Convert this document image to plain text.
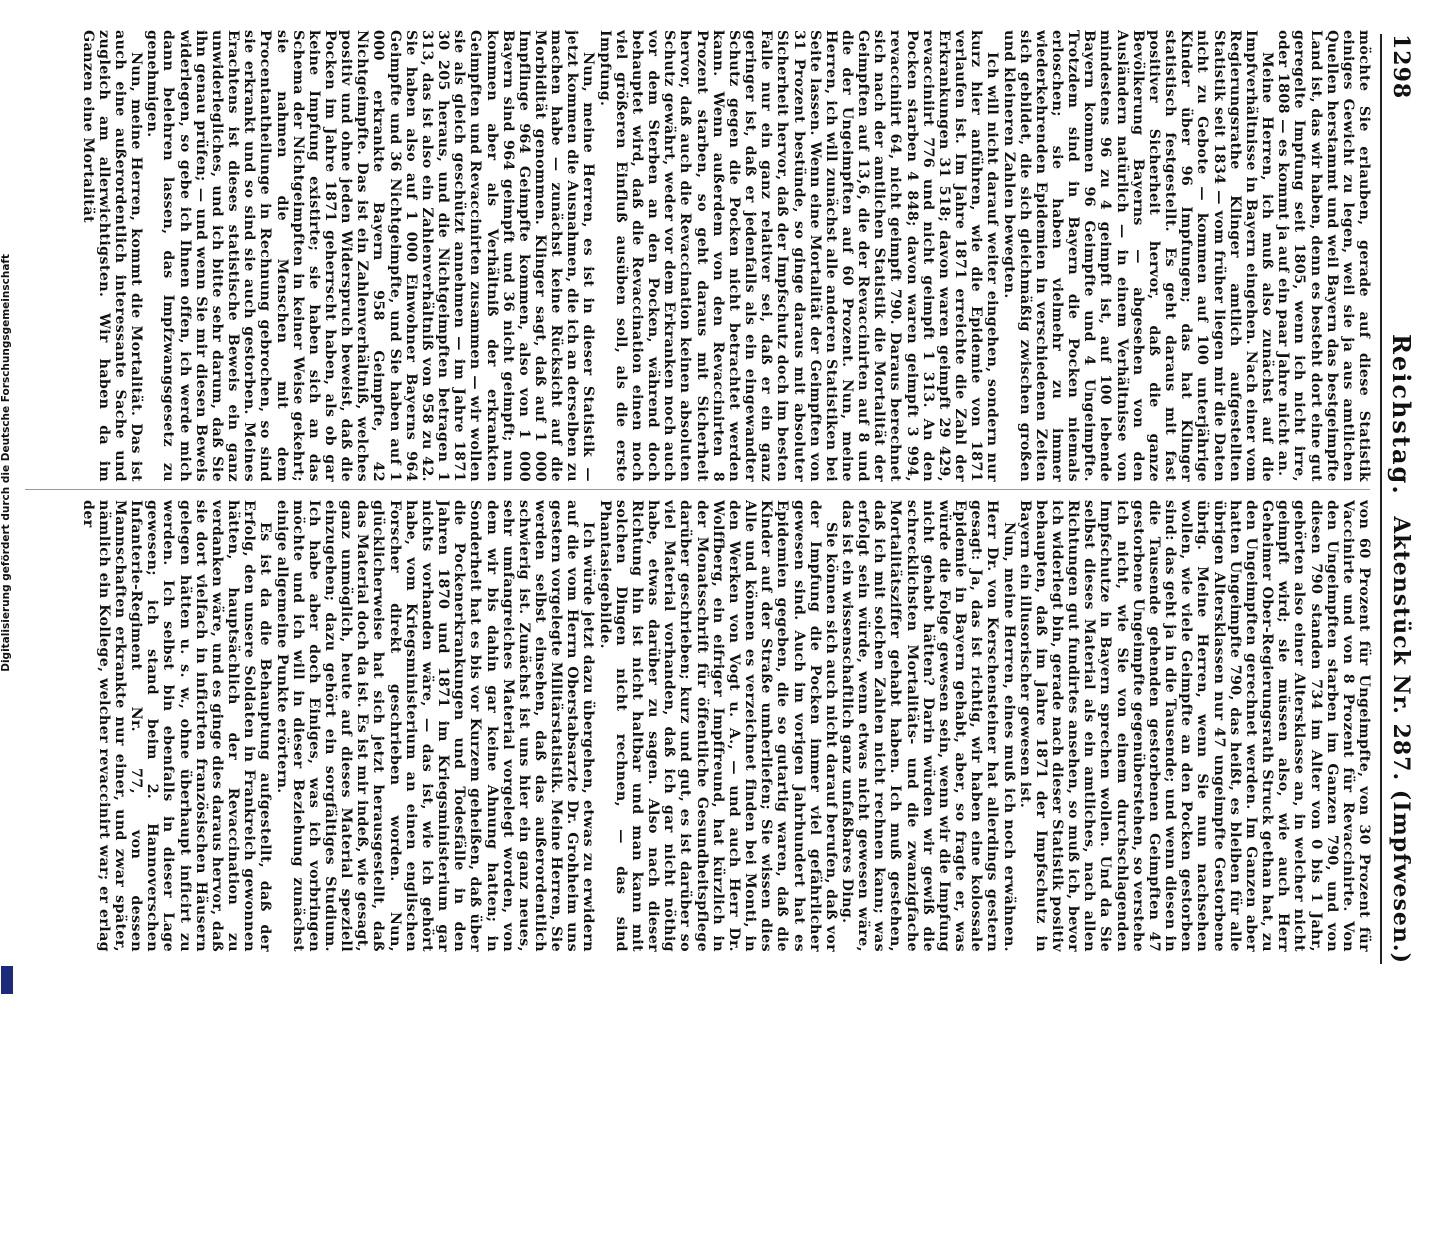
1298
Reichstag.
Aktenstück Nr. 287. (Impfwesen.)

möchte Sie erlauben, gerade auf diese Statistik einiges Gewicht zu legen, weil sie ja aus amtlichen Quellen herstammt und weil Bayern das bestgeimpfte Land ist, das wir haben, denn es besteht dort eine gut geregelte Impfung seit 1805, wenn ich nicht irre, oder 1808 — es kommt ja auf ein paar Jahre nicht an.

Meine Herren, ich muß also zunächst auf die Impfverhältnisse in Bayern eingehen. Nach einer vom Regierungsrathe Klinger amtlich aufgestellten Statistik seit 1834 — vom früher liegen mir die Daten nicht zu Gebote — kommen auf 100 unterjährige Kinder über 96 Impfungen; das hat Klinger statistisch festgestellt. Es geht daraus mit fast positiver Sicherheit hervor, daß die ganze Bevölkerung Bayerns — abgesehen von den Ausländern natürlich — in einem Verhältnisse von mindestens 96 zu 4 geimpft ist, auf 100 lebende Bayern kommen 96 Geimpfte und 4 Ungeimpfte. Trotzdem sind in Bayern die Pocken niemals erloschen; sie haben vielmehr zu immer wiederkehrenden Epidemien in verschiedenen Zeiten sich gebildet, die sich gleichmäßig zwischen großen und kleineren Zahlen bewegten.

Ich will nicht darauf weiter eingehen, sondern nur kurz hier anführen, wie die Epidemie von 1871 verlaufen ist. Im Jahre 1871 erreichte die Zahl der Erkrankungen 31 518; davon waren geimpft 29 429, revacciniirt 776 und nicht geimpft 1 313. An den Pocken starben 4 848; davon waren geimpft 3 994, revacciniirt 64, nicht geimpft 790. Daraus berechnet sich nach der amtlichen Statistik die Mortalität der Geimpften auf 13,6, die der Revaccinirten auf 8 und die der Ungeimpften auf 60 Prozent. Nun, meine Herren, ich will zunächst alle anderen Statistiken bei Seite lassen. Wenn eine Mortalität der Geimpften von 31 Prozent bestünde, so ginge daraus mit absoluter Sicherheit hervor, daß der Impfschutz doch im besten Falle nur ein ganz relativer sei, daß er ein ganz geringer ist, daß er jedenfalls als ein eingewandter Schutz gegen die Pocken nicht betrachtet werden kann. Wenn außerdem von den Revaccinirten 8 Prozent starben, so geht daraus mit Sicherheit hervor, daß auch die Revaccination keinen absoluten Schutz gewährt, weder vor dem Erkranken noch auch vor dem Sterben an den Pocken, während doch behauptet wird, daß die Revaccination einen noch viel größeren Einfluß ausüben soll, als die erste Impfung.

Nun, meine Herren, es ist in dieser Statistik — jetzt kommen die Ausnahmen, die ich an derselben zu machen habe — zunächst keine Rücksicht auf die Morbidität genommen. Klinger sagt, daß auf 1 000 Impflinge 964 Geimpfte kommen, also von 1 000 Bayern sind 964 geimpft und 36 nicht geimpft; nun kommen aber als Verhältniß der erkrankten Geimpften und Revaccinirten zusammen — wir wollen sie als gleich geschützt annehmen — im Jahre 1871 30 205 heraus, und die Nichtgeimpften betragen 1 313, das ist also ein Zahlenverhältniß von 958 zu 42. Sie haben also auf 1 000 Einwohner Bayerns 964 Geimpfte und 36 Nichtgeimpfte, und Sie haben auf 1 000 erkrankte Bayern 958 Geimpfte, 42 Nichtgeimpfte. Das ist ein Zahlenverhältniß, welches positiv und ohne jeden Widerspruch beweist, daß die Pocken im Jahre 1871 geherrscht haben, als ob gar keine Impfung existirte; sie haben sich an das Schema der Nichtgeimpften in keiner Weise gekehrt; sie nahmen die Menschen mit dem Procentantheilunge in Rechnung gebrochen, so sind sie erkrankt und so sind sie auch gestorben. Meines Erachtens ist dieses statistische Beweis ein ganz unwiderlegliches, und ich bitte sehr darum, daß Sie ihn genau prüfen; — und wenn Sie mir diesen Beweis widerlegen, so gebe ich Ihnen offen, ich werde mich dann belehren lassen, das Impfzwangsgesetz zu genehmigen.

Nun, meine Herren, kommt die Mortalität. Das ist auch eine außerordentlich interessante Sache und zugleich am allerwichtigsten. Wir haben da im Ganzen eine Mortalität

von 60 Prozent für Ungeimpfte, von 30 Prozent für Vaccinirte und von 8 Prozent für Revaccinirte. Von den Ungeimpften starben im Ganzen 790, und von diesen 790 standen 734 im Alter von 0 bis 1 Jahr, gehörten also einer Altersklasse an, in welcher nicht geimpft wird; sie müssen also, wie auch Herr Geheimer Ober-Regierungsrath Struck gethan hat, zu den Ungeimpften gerechnet werden. Im Ganzen aber hatten Ungeimpfte 790, das heißt, es bleiben für alle übrigen Altersklassen nur 47 ungeimpfte Gestorbene übrig. Meine Herren, wenn Sie nun nachsehen wollen, wie viele Geimpfte an den Pocken gestorben sind: das geht ja in die Tausende; und wenn diesen in die Tausende gehenden gestorbenen Geimpften 47 gestorbene Ungeimpfte gegenüberstehen, so verstehe ich nicht, wie Sie von einem durchschlagenden Impfschutze in Bayern sprechen wollen. Und da Sie selbst dieses Material als ein amtliches, nach allen Richtungen gut fundirtes ansehen, so muß ich, bevor ich widerlegt bin, gerade nach dieser Statistik positiv behaupten, daß im Jahre 1871 der Impfschutz in Bayern ein illusorischer gewesen ist.

Nun, meine Herren, eines muß ich noch erwähnen. Herr Dr. von Kerschensteiner hat allerdings gestern gesagt: Ja, das ist richtig, wir haben eine kolossale Epidemie in Bayern gehabt, aber, so fragte er, was würde die Folge gewesen sein, wenn wir die Impfung nicht gehabt hätten? Darin würden wir gewiß die schrecklichsten Mortalitäts- und die zwanzigfache Mortalitätsziffer gehabt haben. Ich muß gestehen, daß ich mit solchen Zahlen nicht rechnen kann; was erfolgt sein würde, wenn etwas nicht gewesen wäre, das ist ein wissenschaftlich ganz unfaßbares Ding.

Sie können sich auch nicht darauf berufen, daß vor der Impfung die Pocken immer viel gefährlicher gewesen sind. Auch im vorigen Jahrhundert hat es Epidemien gegeben, die so gutartig waren, daß die Kinder auf der Straße umherliefen; Sie wissen dies Alle und können es verzeichnet finden bei Monti, in den Werken von Vogt u. A., — und auch Herr Dr. Wolffberg, ein eifriger Impffreund, hat kürzlich in der Monatsschrift für öffentliche Gesundheitspflege darüber geschrieben; kurz und gut, es ist darüber so viel Material vorhanden, daß ich gar nicht nöthig habe, etwas darüber zu sagen. Also nach dieser Richtung hin ist nicht haltbar und man kann mit solchen Dingen nicht rechnen, — das sind Phantasiegebilde.

Ich würde jetzt dazu übergehen, etwas zu erwidern auf die vom Herrn Oberstabsarzte Dr. Grohheim uns gestern vorgelegte Militärstatistik. Meine Herren, Sie werden selbst einsehen, daß das außerordentlich schwierig ist. Zunächst ist uns hier ein ganz neues, sehr umfangreiches Material vorgelegt worden, von dem wir bis dahin gar keine Ahnung hatten; in Sonderheit hat es bis vor Kurzem geheißen, daß über die Pockenerkrankungen und Todesfälle in den Jahren 1870 und 1871 im Kriegsministerium gar nichts vorhanden wäre, — das ist, wie ich gehört habe, vom Kriegsministerium an einen englischen Forscher direkt geschrieben worden. Nun, glücklicherweise hat sich jetzt herausgestellt, daß das Material doch da ist. Es ist mir indeß, wie gesagt, ganz unmöglich, heute auf dieses Material speziell einzugehen; dazu gehört ein sorgfältiges Studium. Ich habe aber doch Einiges, was ich vorbringen möchte und ich will in dieser Beziehung zunächst einige allgemeine Punkte erörtern.

Es ist da die Behauptung aufgestellt, daß der Erfolg, den unsere Soldaten in Frankreich gewonnen hätten, hauptsächlich der Revaccination zu verdanken wäre, und es ginge dies daraus hervor, daß sie dort vielfach in inficirten französischen Häusern gelegen hätten u. s. w., ohne überhaupt inficirt zu werden. Ich selbst bin ebenfalls in dieser Lage gewesen; ich stand beim 2. Hannoverschen Infanterie-Regiment Nr. 77, von dessen Mannschaften erkrankte nur einer, und zwar später, nämlich ein Kollege, welcher revaccinirt war; er erlag der

Digitalisierung gefördert durch die Deutsche Forschungsgemeinschaft
